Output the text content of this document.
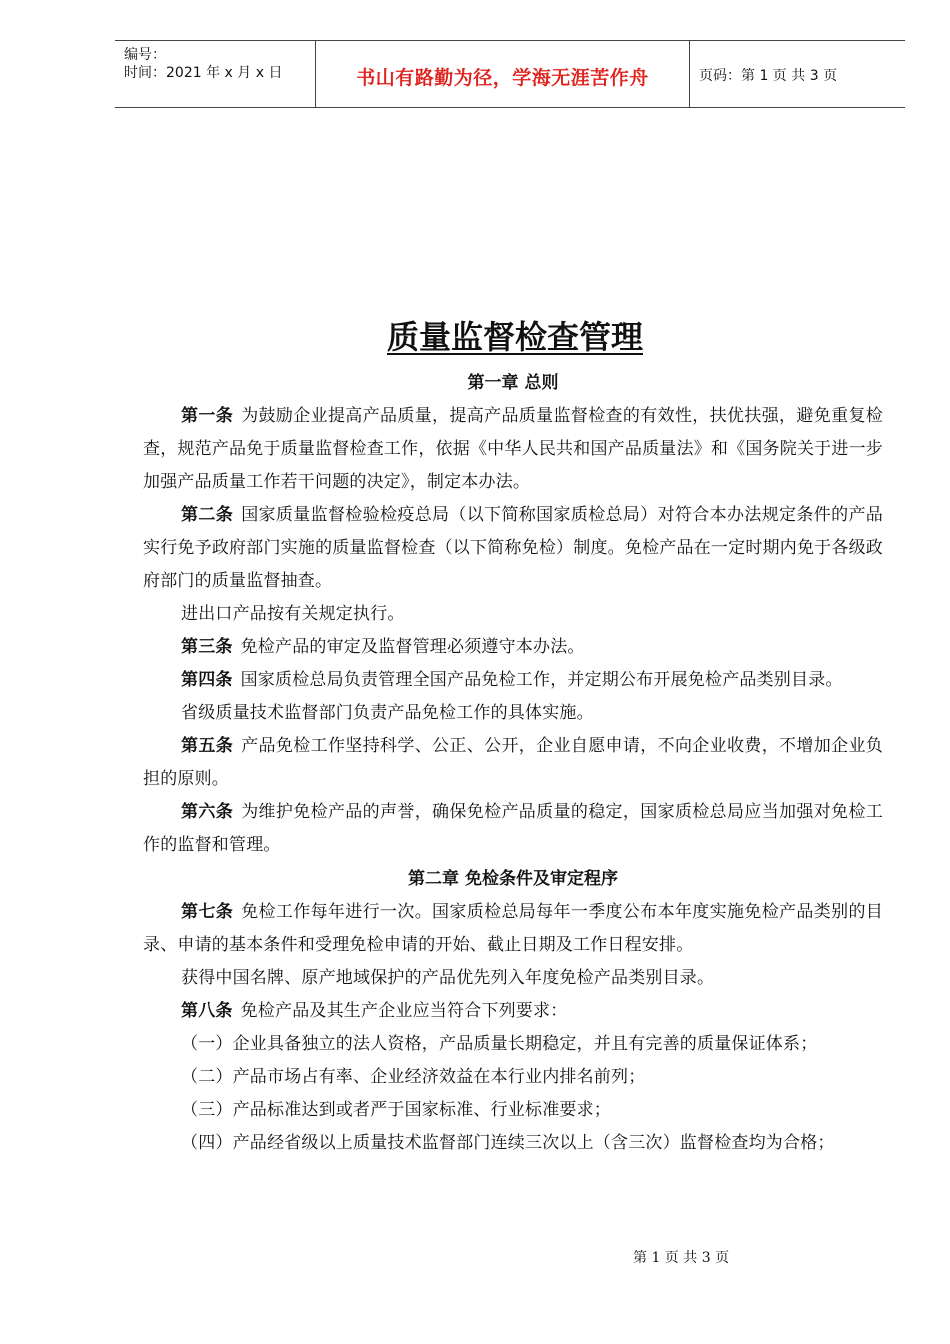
编号：
时间：2021 年 x 月 x 日	书山有路勤为径，学海无涯苦作舟	页码：第 1 页 共 3 页
质量监督检查管理
第一章 总则

第一条 为鼓励企业提高产品质量，提高产品质量监督检查的有效性，扶优扶强，避免重复检查，规范产品免于质量监督检查工作，依据《中华人民共和国产品质量法》和《国务院关于进一步加强产品质量工作若干问题的决定》，制定本办法。

第二条 国家质量监督检验检疫总局（以下简称国家质检总局）对符合本办法规定条件的产品实行免予政府部门实施的质量监督检查（以下简称免检）制度。免检产品在一定时期内免于各级政府部门的质量监督抽查。

进出口产品按有关规定执行。

第三条 免检产品的审定及监督管理必须遵守本办法。

第四条 国家质检总局负责管理全国产品免检工作，并定期公布开展免检产品类别目录。

省级质量技术监督部门负责产品免检工作的具体实施。

第五条 产品免检工作坚持科学、公正、公开，企业自愿申请，不向企业收费，不增加企业负担的原则。

第六条 为维护免检产品的声誉，确保免检产品质量的稳定，国家质检总局应当加强对免检工作的监督和管理。

第二章 免检条件及审定程序

第七条 免检工作每年进行一次。国家质检总局每年一季度公布本年度实施免检产品类别的目录、申请的基本条件和受理免检申请的开始、截止日期及工作日程安排。

获得中国名牌、原产地域保护的产品优先列入年度免检产品类别目录。

第八条 免检产品及其生产企业应当符合下列要求：

（一）企业具备独立的法人资格，产品质量长期稳定，并且有完善的质量保证体系；

（二）产品市场占有率、企业经济效益在本行业内排名前列；

（三）产品标准达到或者严于国家标准、行业标准要求；

（四）产品经省级以上质量技术监督部门连续三次以上（含三次）监督检查均为合格；

第 1 页 共 3 页
